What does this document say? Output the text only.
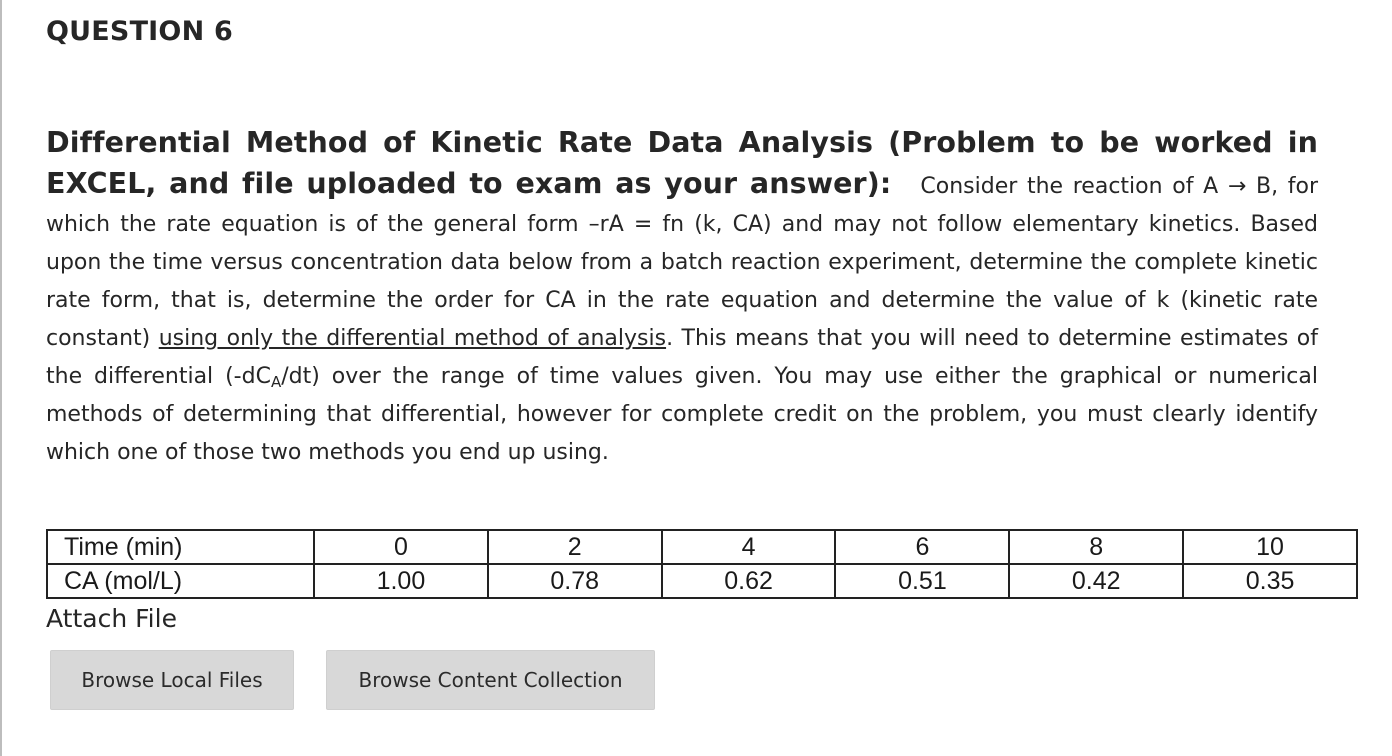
QUESTION 6

Differential Method of Kinetic Rate Data Analysis (Problem to be worked in EXCEL, and file uploaded to exam as your answer): Consider the reaction of A → B, for which the rate equation is of the general form –rA = fn (k, CA) and may not follow elementary kinetics. Based upon the time versus concentration data below from a batch reaction experiment, determine the complete kinetic rate form, that is, determine the order for CA in the rate equation and determine the value of k (kinetic rate constant) using only the differential method of analysis. This means that you will need to determine estimates of the differential $(-dC_A/dt)$ over the range of time values given. You may use either the graphical or numerical methods of determining that differential, however for complete credit on the problem, you must clearly identify which one of those two methods you end up using.

Time (min)	0	2	4	6	8	10
CA (mol/L)	1.00	0.78	0.62	0.51	0.42	0.35

Attach File

Browse Local Files	Browse Content Collection
